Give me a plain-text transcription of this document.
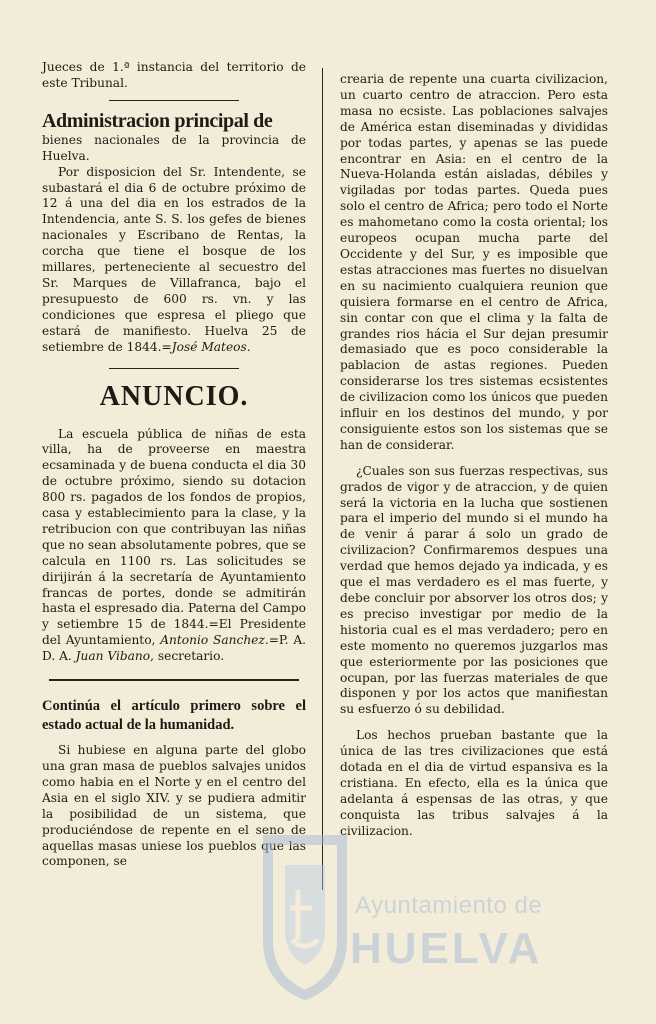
Jueces de 1.ª instancia del territorio de este Tribunal.

Administracion principal de

bienes nacionales de la provincia de Huelva.

Por disposicion del Sr. Intendente, se subastará el dia 6 de octubre próximo de 12 á una del dia en los estrados de la Intendencia, ante S. S. los gefes de bienes nacionales y Escribano de Rentas, la corcha que tiene el bosque de los millares, perteneciente al secuestro del Sr. Marques de Villafranca, bajo el presupuesto de 600 rs. vn. y las condiciones que espresa el pliego que estará de manifiesto. Huelva 25 de setiembre de 1844.=José Mateos.

ANUNCIO.

La escuela pública de niñas de esta villa, ha de proveerse en maestra ecsaminada y de buena conducta el dia 30 de octubre próximo, siendo su dotacion 800 rs. pagados de los fondos de propios, casa y establecimiento para la clase, y la retribucion con que contribuyan las niñas que no sean absolutamente pobres, que se calcula en 1100 rs. Las solicitudes se dirijirán á la secretaría de Ayuntamiento francas de portes, donde se admitirán hasta el espresado dia. Paterna del Campo y setiembre 15 de 1844.=El Presidente del Ayuntamiento, Antonio Sanchez.=P. A. D. A. Juan Vibano, secretario.

Continúa el artículo primero sobre el estado actual de la humanidad.

Si hubiese en alguna parte del globo una gran masa de pueblos salvajes unidos como habia en el Norte y en el centro del Asia en el siglo XIV. y se pudiera admitir la posibilidad de un sistema, que produciéndose de repente en el seno de aquellas masas uniese los pueblos que las componen, se

crearia de repente una cuarta civilizacion, un cuarto centro de atraccion. Pero esta masa no ecsiste. Las poblaciones salvajes de América estan diseminadas y divididas por todas partes, y apenas se las puede encontrar en Asia: en el centro de la Nueva-Holanda están aisladas, débiles y vigiladas por todas partes. Queda pues solo el centro de Africa; pero todo el Norte es mahometano como la costa oriental; los europeos ocupan mucha parte del Occidente y del Sur, y es imposible que estas atracciones mas fuertes no disuelvan en su nacimiento cualquiera reunion que quisiera formarse en el centro de Africa, sin contar con que el clima y la falta de grandes rios hácia el Sur dejan presumir demasiado que es poco considerable la pablacion de astas regiones. Pueden considerarse los tres sistemas ecsistentes de civilizacion como los únicos que pueden influir en los destinos del mundo, y por consiguiente estos son los sistemas que se han de considerar.

¿Cuales son sus fuerzas respectivas, sus grados de vigor y de atraccion, y de quien será la victoria en la lucha que sostienen para el imperio del mundo si el mundo ha de venir á parar á solo un grado de civilizacion? Confirmaremos despues una verdad que hemos dejado ya indicada, y es que el mas verdadero es el mas fuerte, y debe concluir por absorver los otros dos; y es preciso investigar por medio de la historia cual es el mas verdadero; pero en este momento no queremos juzgarlos mas que esteriormente por las posiciones que ocupan, por las fuerzas materiales de que disponen y por los actos que manifiestan su esfuerzo ó su debilidad.

Los hechos prueban bastante que la única de las tres civilizaciones que está dotada en el dia de virtud espansiva es la cristiana. En efecto, ella es la única que adelanta á espensas de las otras, y que conquista las tribus salvajes á la civilizacion.

Ayuntamiento de
HUELVA
